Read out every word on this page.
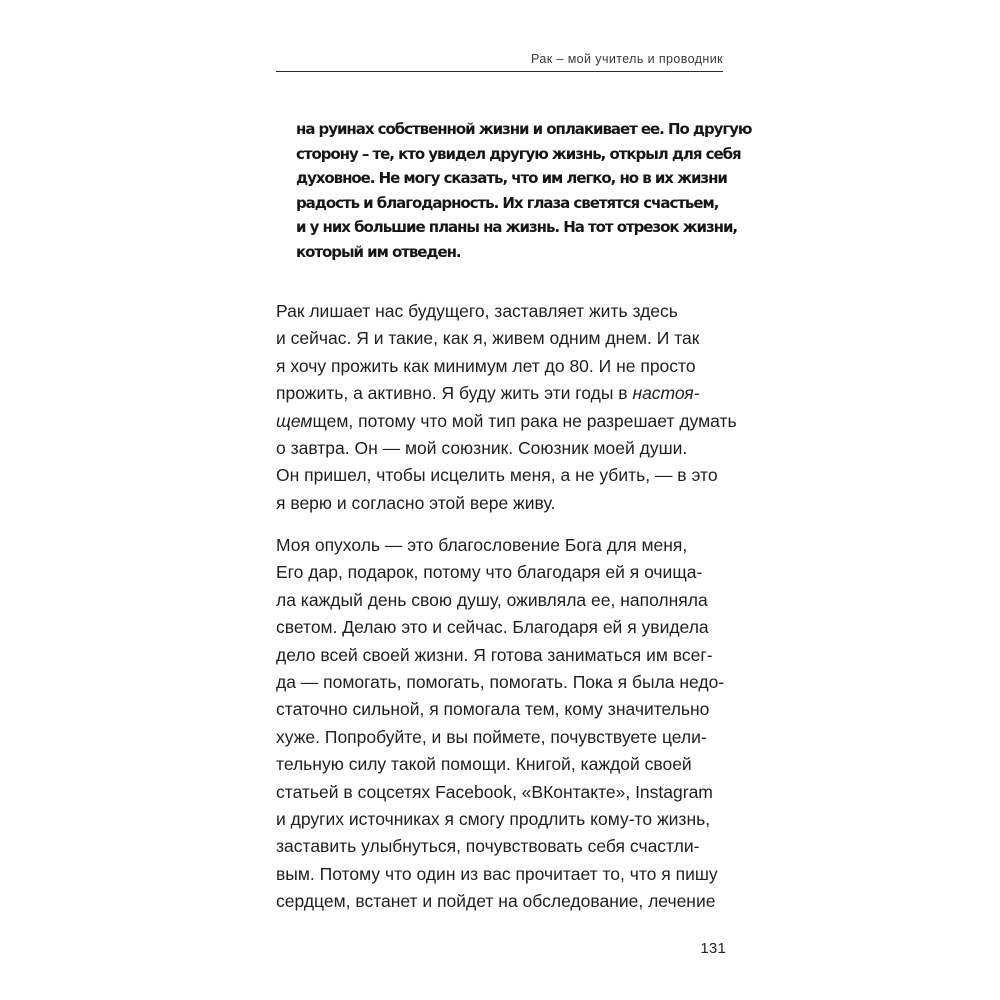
Рак – мой учитель и проводник
на руинах собственной жизни и оплакивает ее. По другую
сторону – те, кто увидел другую жизнь, открыл для себя
духовное. Не могу сказать, что им легко, но в их жизни
радость и благодарность. Их глаза светятся счастьем,
и у них большие планы на жизнь. На тот отрезок жизни,
который им отведен.
Рак лишает нас будущего, заставляет жить здесь
и сейчас. Я и такие, как я, живем одним днем. И так
я хочу прожить как минимум лет до 80. И не просто
прожить, а активно. Я буду жить эти годы в настоя-
щемщем, потому что мой тип рака не разрешает думать
о завтра. Он — мой союзник. Союзник моей души.
Он пришел, чтобы исцелить меня, а не убить, — в это
я верю и согласно этой вере живу.
Моя опухоль — это благословение Бога для меня,
Его дар, подарок, потому что благодаря ей я очища-
ла каждый день свою душу, оживляла ее, наполняла
светом. Делаю это и сейчас. Благодаря ей я увидела
дело всей своей жизни. Я готова заниматься им всег-
да — помогать, помогать, помогать. Пока я была недо-
статочно сильной, я помогала тем, кому значительно
хуже. Попробуйте, и вы поймете, почувствуете цели-
тельную силу такой помощи. Книгой, каждой своей
статьей в соцсетях Facebook, «ВКонтакте», Instagram
и других источниках я смогу продлить кому-то жизнь,
заставить улыбнуться, почувствовать себя счастли-
вым. Потому что один из вас прочитает то, что я пишу
сердцем, встанет и пойдет на обследование, лечение
131
